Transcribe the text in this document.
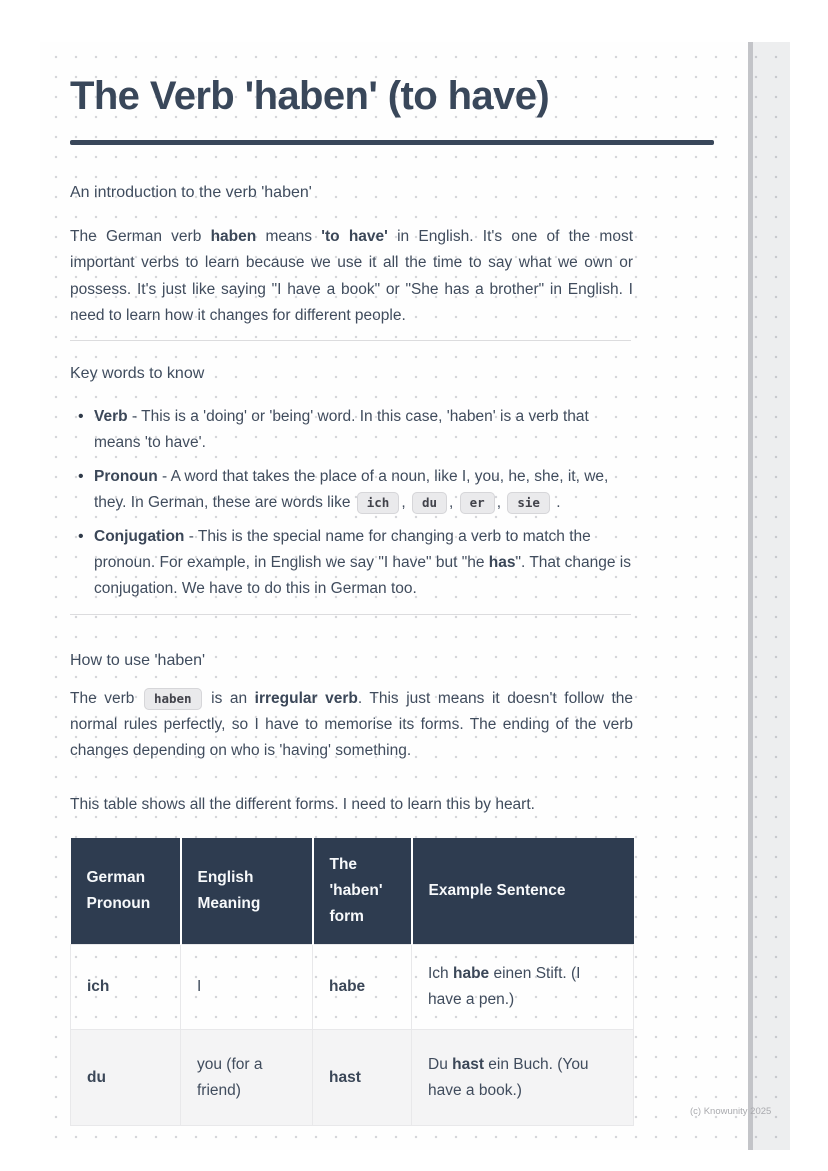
The Verb 'haben' (to have)

An introduction to the verb 'haben'

The German verb haben means 'to have' in English. It's one of the most important verbs to learn because we use it all the time to say what we own or possess. It's just like saying "I have a book" or "She has a brother" in English. I need to learn how it changes for different people.

Key words to know

• Verb - This is a 'doing' or 'being' word. In this case, 'haben' is a verb that means 'to have'.
• Pronoun - A word that takes the place of a noun, like I, you, he, she, it, we, they. In German, these are words like ich , du , er , sie .
• Conjugation - This is the special name for changing a verb to match the pronoun. For example, in English we say "I have" but "he has". That change is conjugation. We have to do this in German too.

How to use 'haben'

The verb haben is an irregular verb. This just means it doesn't follow the normal rules perfectly, so I have to memorise its forms. The ending of the verb changes depending on who is 'having' something.

This table shows all the different forms. I need to learn this by heart.

German Pronoun	English Meaning	The 'haben' form	Example Sentence
ich	I	habe	Ich habe einen Stift. (I have a pen.)
du	you (for a friend)	hast	Du hast ein Buch. (You have a book.)
(c) Knowunity 2025
